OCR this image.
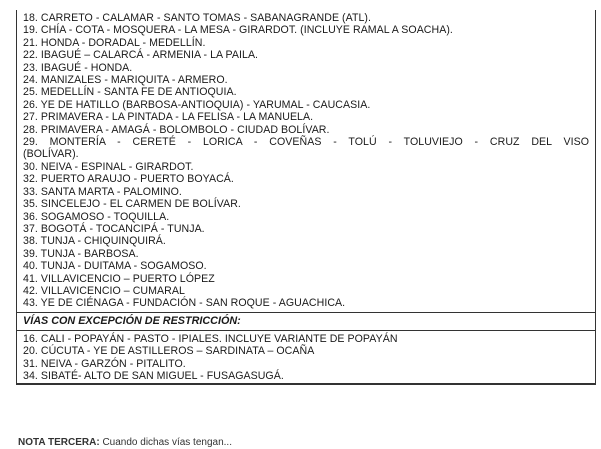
18. CARRETO - CALAMAR - SANTO TOMAS - SABANAGRANDE (ATL).
19. CHÍA - COTA - MOSQUERA - LA MESA - GIRARDOT. (INCLUYE RAMAL A SOACHA).
21. HONDA - DORADAL - MEDELLÍN.
22. IBAGUÉ – CALARCÁ - ARMENIA - LA PAILA.
23. IBAGUÉ - HONDA.
24. MANIZALES - MARIQUITA - ARMERO.
25. MEDELLÍN - SANTA FE DE ANTIOQUIA.
26. YE DE HATILLO (BARBOSA-ANTIOQUIA) - YARUMAL - CAUCASIA.
27. PRIMAVERA - LA PINTADA - LA FELISA - LA MANUELA.
28. PRIMAVERA - AMAGÁ - BOLOMBOLO - CIUDAD BOLÍVAR.
29. MONTERÍA - CERETÉ - LORICA - COVEÑAS - TOLÚ - TOLUVIEJO - CRUZ DEL VISO
(BOLÍVAR).
30. NEIVA - ESPINAL - GIRARDOT.
32. PUERTO ARAUJO - PUERTO BOYACÁ.
33. SANTA MARTA - PALOMINO.
35. SINCELEJO - EL CARMEN DE BOLÍVAR.
36. SOGAMOSO - TOQUILLA.
37. BOGOTÁ - TOCANCIPÁ - TUNJA.
38. TUNJA - CHIQUINQUIRÁ.
39. TUNJA - BARBOSA.
40. TUNJA - DUITAMA - SOGAMOSO.
41. VILLAVICENCIO – PUERTO LÓPEZ
42. VILLAVICENCIO – CUMARAL
43. YE DE CIÉNAGA - FUNDACIÓN - SAN ROQUE - AGUACHICA.
VÍAS CON EXCEPCIÓN DE RESTRICCIÓN:
16. CALI - POPAYÁN - PASTO - IPIALES. INCLUYE VARIANTE DE POPAYÁN
20. CÚCUTA - YE DE ASTILLEROS – SARDINATA – OCAÑA
31. NEIVA - GARZÓN - PITALITO.
34. SIBATÉ- ALTO DE SAN MIGUEL - FUSAGASUGÁ.
NOTA TERCERA: Cuando dichas vías tengan...
